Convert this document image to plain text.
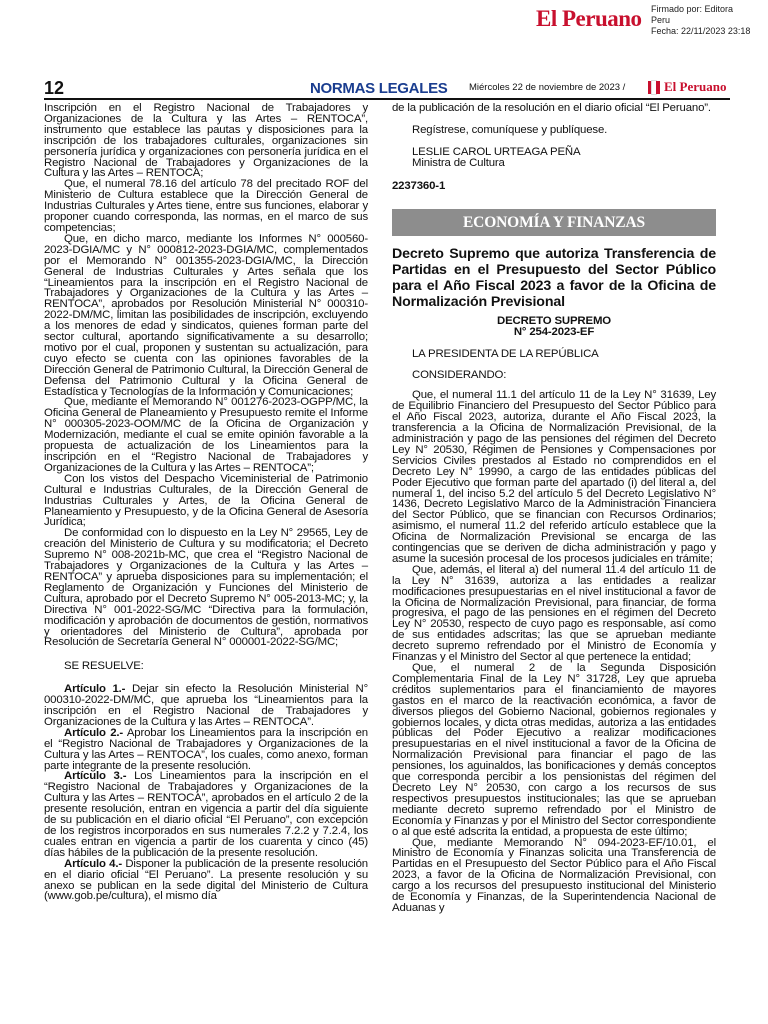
El Peruano Firmado por: Editora
Peru
Fecha: 22/11/2023 23:18
12	NORMAS LEGALES Miércoles 22 de noviembre de 2023 /	El Peruano

Inscripción en el Registro Nacional de Trabajadores y Organizaciones de la Cultura y las Artes – RENTOCA”, instrumento que establece las pautas y disposiciones para la inscripción de los trabajadores culturales, organizaciones sin personería jurídica y organizaciones con personería jurídica en el Registro Nacional de Trabajadores y Organizaciones de la Cultura y las Artes – RENTOCA;

Que, el numeral 78.16 del artículo 78 del precitado ROF del Ministerio de Cultura establece que la Dirección General de Industrias Culturales y Artes tiene, entre sus funciones, elaborar y proponer cuando corresponda, las normas, en el marco de sus competencias;

Que, en dicho marco, mediante los Informes N° 000560-2023-DGIA/MC y N° 000812-2023-DGIA/MC, complementados por el Memorando N° 001355-2023-DGIA/MC, la Dirección General de Industrias Culturales y Artes señala que los “Lineamientos para la inscripción en el Registro Nacional de Trabajadores y Organizaciones de la Cultura y las Artes – RENTOCA”, aprobados por Resolución Ministerial N° 000310-2022-DM/MC, limitan las posibilidades de inscripción, excluyendo a los menores de edad y sindicatos, quienes forman parte del sector cultural, aportando significativamente a su desarrollo; motivo por el cual, proponen y sustentan su actualización, para cuyo efecto se cuenta con las opiniones favorables de la Dirección General de Patrimonio Cultural, la Dirección General de Defensa del Patrimonio Cultural y la Oficina General de Estadística y Tecnologías de la Información y Comunicaciones;

Que, mediante el Memorando N° 001276-2023-OGPP/MC, la Oficina General de Planeamiento y Presupuesto remite el Informe N° 000305-2023-OOM/MC de la Oficina de Organización y Modernización, mediante el cual se emite opinión favorable a la propuesta de actualización de los Lineamientos para la inscripción en el “Registro Nacional de Trabajadores y Organizaciones de la Cultura y las Artes – RENTOCA”;

Con los vistos del Despacho Viceministerial de Patrimonio Cultural e Industrias Culturales, de la Dirección General de Industrias Culturales y Artes, de la Oficina General de Planeamiento y Presupuesto, y de la Oficina General de Asesoría Jurídica;

De conformidad con lo dispuesto en la Ley N° 29565, Ley de creación del Ministerio de Cultura y su modificatoria; el Decreto Supremo N° 008-2021b-MC, que crea el “Registro Nacional de Trabajadores y Organizaciones de la Cultura y las Artes – RENTOCA” y aprueba disposiciones para su implementación; el Reglamento de Organización y Funciones del Ministerio de Cultura, aprobado por el Decreto Supremo N° 005-2013-MC; y, la Directiva N° 001-2022-SG/MC “Directiva para la formulación, modificación y aprobación de documentos de gestión, normativos y orientadores del Ministerio de Cultura”, aprobada por Resolución de Secretaría General N° 000001-2022-SG/MC;

SE RESUELVE:

Artículo 1.- Dejar sin efecto la Resolución Ministerial N° 000310-2022-DM/MC, que aprueba los “Lineamientos para la inscripción en el Registro Nacional de Trabajadores y Organizaciones de la Cultura y las Artes – RENTOCA”.

Artículo 2.- Aprobar los Lineamientos para la inscripción en el “Registro Nacional de Trabajadores y Organizaciones de la Cultura y las Artes – RENTOCA”, los cuales, como anexo, forman parte integrante de la presente resolución.

Artículo 3.- Los Lineamientos para la inscripción en el “Registro Nacional de Trabajadores y Organizaciones de la Cultura y las Artes – RENTOCA”, aprobados en el artículo 2 de la presente resolución, entran en vigencia a partir del día siguiente de su publicación en el diario oficial “El Peruano”, con excepción de los registros incorporados en sus numerales 7.2.2 y 7.2.4, los cuales entran en vigencia a partir de los cuarenta y cinco (45) días hábiles de la publicación de la presente resolución.

Artículo 4.- Disponer la publicación de la presente resolución en el diario oficial “El Peruano”. La presente resolución y su anexo se publican en la sede digital del Ministerio de Cultura (www.gob.pe/cultura), el mismo día

de la publicación de la resolución en el diario oficial “El Peruano”.

Regístrese, comuníquese y publíquese.

LESLIE CAROL URTEAGA PEÑA

Ministra de Cultura

2237360-1

ECONOMÍA Y FINANZAS
Decreto Supremo que autoriza Transferencia de Partidas en el Presupuesto del Sector Público para el Año Fiscal 2023 a favor de la Oficina de Normalización Previsional
DECRETO SUPREMO
N° 254-2023-EF

LA PRESIDENTA DE LA REPÚBLICA

CONSIDERANDO:

Que, el numeral 11.1 del artículo 11 de la Ley N° 31639, Ley de Equilibrio Financiero del Presupuesto del Sector Público para el Año Fiscal 2023, autoriza, durante el Año Fiscal 2023, la transferencia a la Oficina de Normalización Previsional, de la administración y pago de las pensiones del régimen del Decreto Ley N° 20530, Régimen de Pensiones y Compensaciones por Servicios Civiles prestados al Estado no comprendidos en el Decreto Ley N° 19990, a cargo de las entidades públicas del Poder Ejecutivo que forman parte del apartado (i) del literal a, del numeral 1, del inciso 5.2 del artículo 5 del Decreto Legislativo N° 1436, Decreto Legislativo Marco de la Administración Financiera del Sector Público, que se financian con Recursos Ordinarios; asimismo, el numeral 11.2 del referido artículo establece que la Oficina de Normalización Previsional se encarga de las contingencias que se deriven de dicha administración y pago y asume la sucesión procesal de los procesos judiciales en trámite;

Que, además, el literal a) del numeral 11.4 del artículo 11 de la Ley N° 31639, autoriza a las entidades a realizar modificaciones presupuestarias en el nivel institucional a favor de la Oficina de Normalización Previsional, para financiar, de forma progresiva, el pago de las pensiones en el régimen del Decreto Ley N° 20530, respecto de cuyo pago es responsable, así como de sus entidades adscritas; las que se aprueban mediante decreto supremo refrendado por el Ministro de Economía y Finanzas y el Ministro del Sector al que pertenece la entidad;

Que, el numeral 2 de la Segunda Disposición Complementaria Final de la Ley N° 31728, Ley que aprueba créditos suplementarios para el financiamiento de mayores gastos en el marco de la reactivación económica, a favor de diversos pliegos del Gobierno Nacional, gobiernos regionales y gobiernos locales, y dicta otras medidas, autoriza a las entidades públicas del Poder Ejecutivo a realizar modificaciones presupuestarias en el nivel institucional a favor de la Oficina de Normalización Previsional para financiar el pago de las pensiones, los aguinaldos, las bonificaciones y demás conceptos que corresponda percibir a los pensionistas del régimen del Decreto Ley N° 20530, con cargo a los recursos de sus respectivos presupuestos institucionales; las que se aprueban mediante decreto supremo refrendado por el Ministro de Economía y Finanzas y por el Ministro del Sector correspondiente o al que esté adscrita la entidad, a propuesta de este último;

Que, mediante Memorando N° 094-2023-EF/10.01, el Ministro de Economía y Finanzas solicita una Transferencia de Partidas en el Presupuesto del Sector Público para el Año Fiscal 2023, a favor de la Oficina de Normalización Previsional, con cargo a los recursos del presupuesto institucional del Ministerio de Economía y Finanzas, de la Superintendencia Nacional de Aduanas y
